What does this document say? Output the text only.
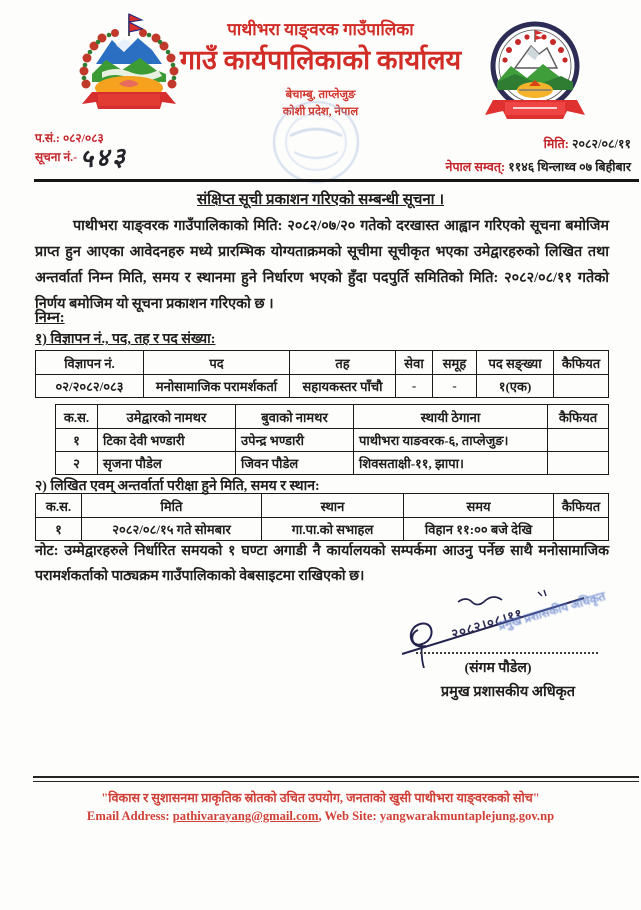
पाथीभरा याङ्वरक गाउँपालिका
गाउँ कार्यपालिकाको कार्यालय
बेचाम्बु, ताप्लेजुङ
कोशी प्रदेश, नेपाल
प.सं.: ०८२/०८३
सूचना नं.- ५४३	मिति: २०८२/०८/११
नेपाल सम्वत्: ११४६ थिन्लाथ्व ०७ बिहीबार
संक्षिप्त सूची प्रकाशन गरिएको सम्बन्धी सूचना ।
पाथीभरा याङ्वरक गाउँपालिकाको मिति: २०८२/०७/२० गतेको दरखास्त आह्वान गरिएको सूचना बमोजिम प्राप्त हुन आएका आवेदनहरु मध्ये प्रारम्भिक योग्यताक्रमको सूचीमा सूचीकृत भएका उमेद्वारहरुको लिखित तथा अन्तर्वार्ता निम्न मिति, समय र स्थानमा हुने निर्धारण भएको हुँदा पदपुर्ति समितिको मिति: २०८२/०८/११ गतेको निर्णय बमोजिम यो सूचना प्रकाशन गरिएको छ ।
निम्न:
१) विज्ञापन नं., पद, तह र पद संख्या:
विज्ञापन नं.	पद	तह	सेवा	समूह	पद सङ्ख्या	कैफियत
०२/२०८२/०८३	मनोसामाजिक परामर्शकर्ता	सहायकस्तर पाँचौ	-	-	१(एक)	
क.स.	उमेद्वारको नामथर	बुवाको नामथर	स्थायी ठेगाना	कैफियत
१	टिका देवी भण्डारी	उपेन्द्र भण्डारी	पाथीभरा याङवरक-६, ताप्लेजुङ।	
२	सृजना पौडेल	जिवन पौडेल	शिवसताक्षी-११, झापा।	
२) लिखित एवम् अन्तर्वार्ता परीक्षा हुने मिति, समय र स्थान:
क.स.	मिति	स्थान	समय	कैफियत
१	२०८२/०८/१५ गते सोमबार	गा.पा.को सभाहल	विहान ११:०० बजे देखि	
नोट: उम्मेद्वारहरुले निर्धारित समयको १ घण्टा अगाडी नै कार्यालयको सम्पर्कमा आउनु पर्नेछ साथै मनोसामाजिक परामर्शकर्ताको पाठ्यक्रम गाउँपालिकाको वेबसाइटमा राखिएको छ।
२०८२।०८।११
प्रमुख प्रशासकीय अधिकृत
(संगम पौडेल)
प्रमुख प्रशासकीय अधिकृत
"विकास र सुशासनमा प्राकृतिक स्रोतको उचित उपयोग, जनताको खुसी पाथीभरा याङ्वरकको सोच"
Email Address: pathivarayang@gmail.com, Web Site: yangwarakmuntaplejung.gov.np
